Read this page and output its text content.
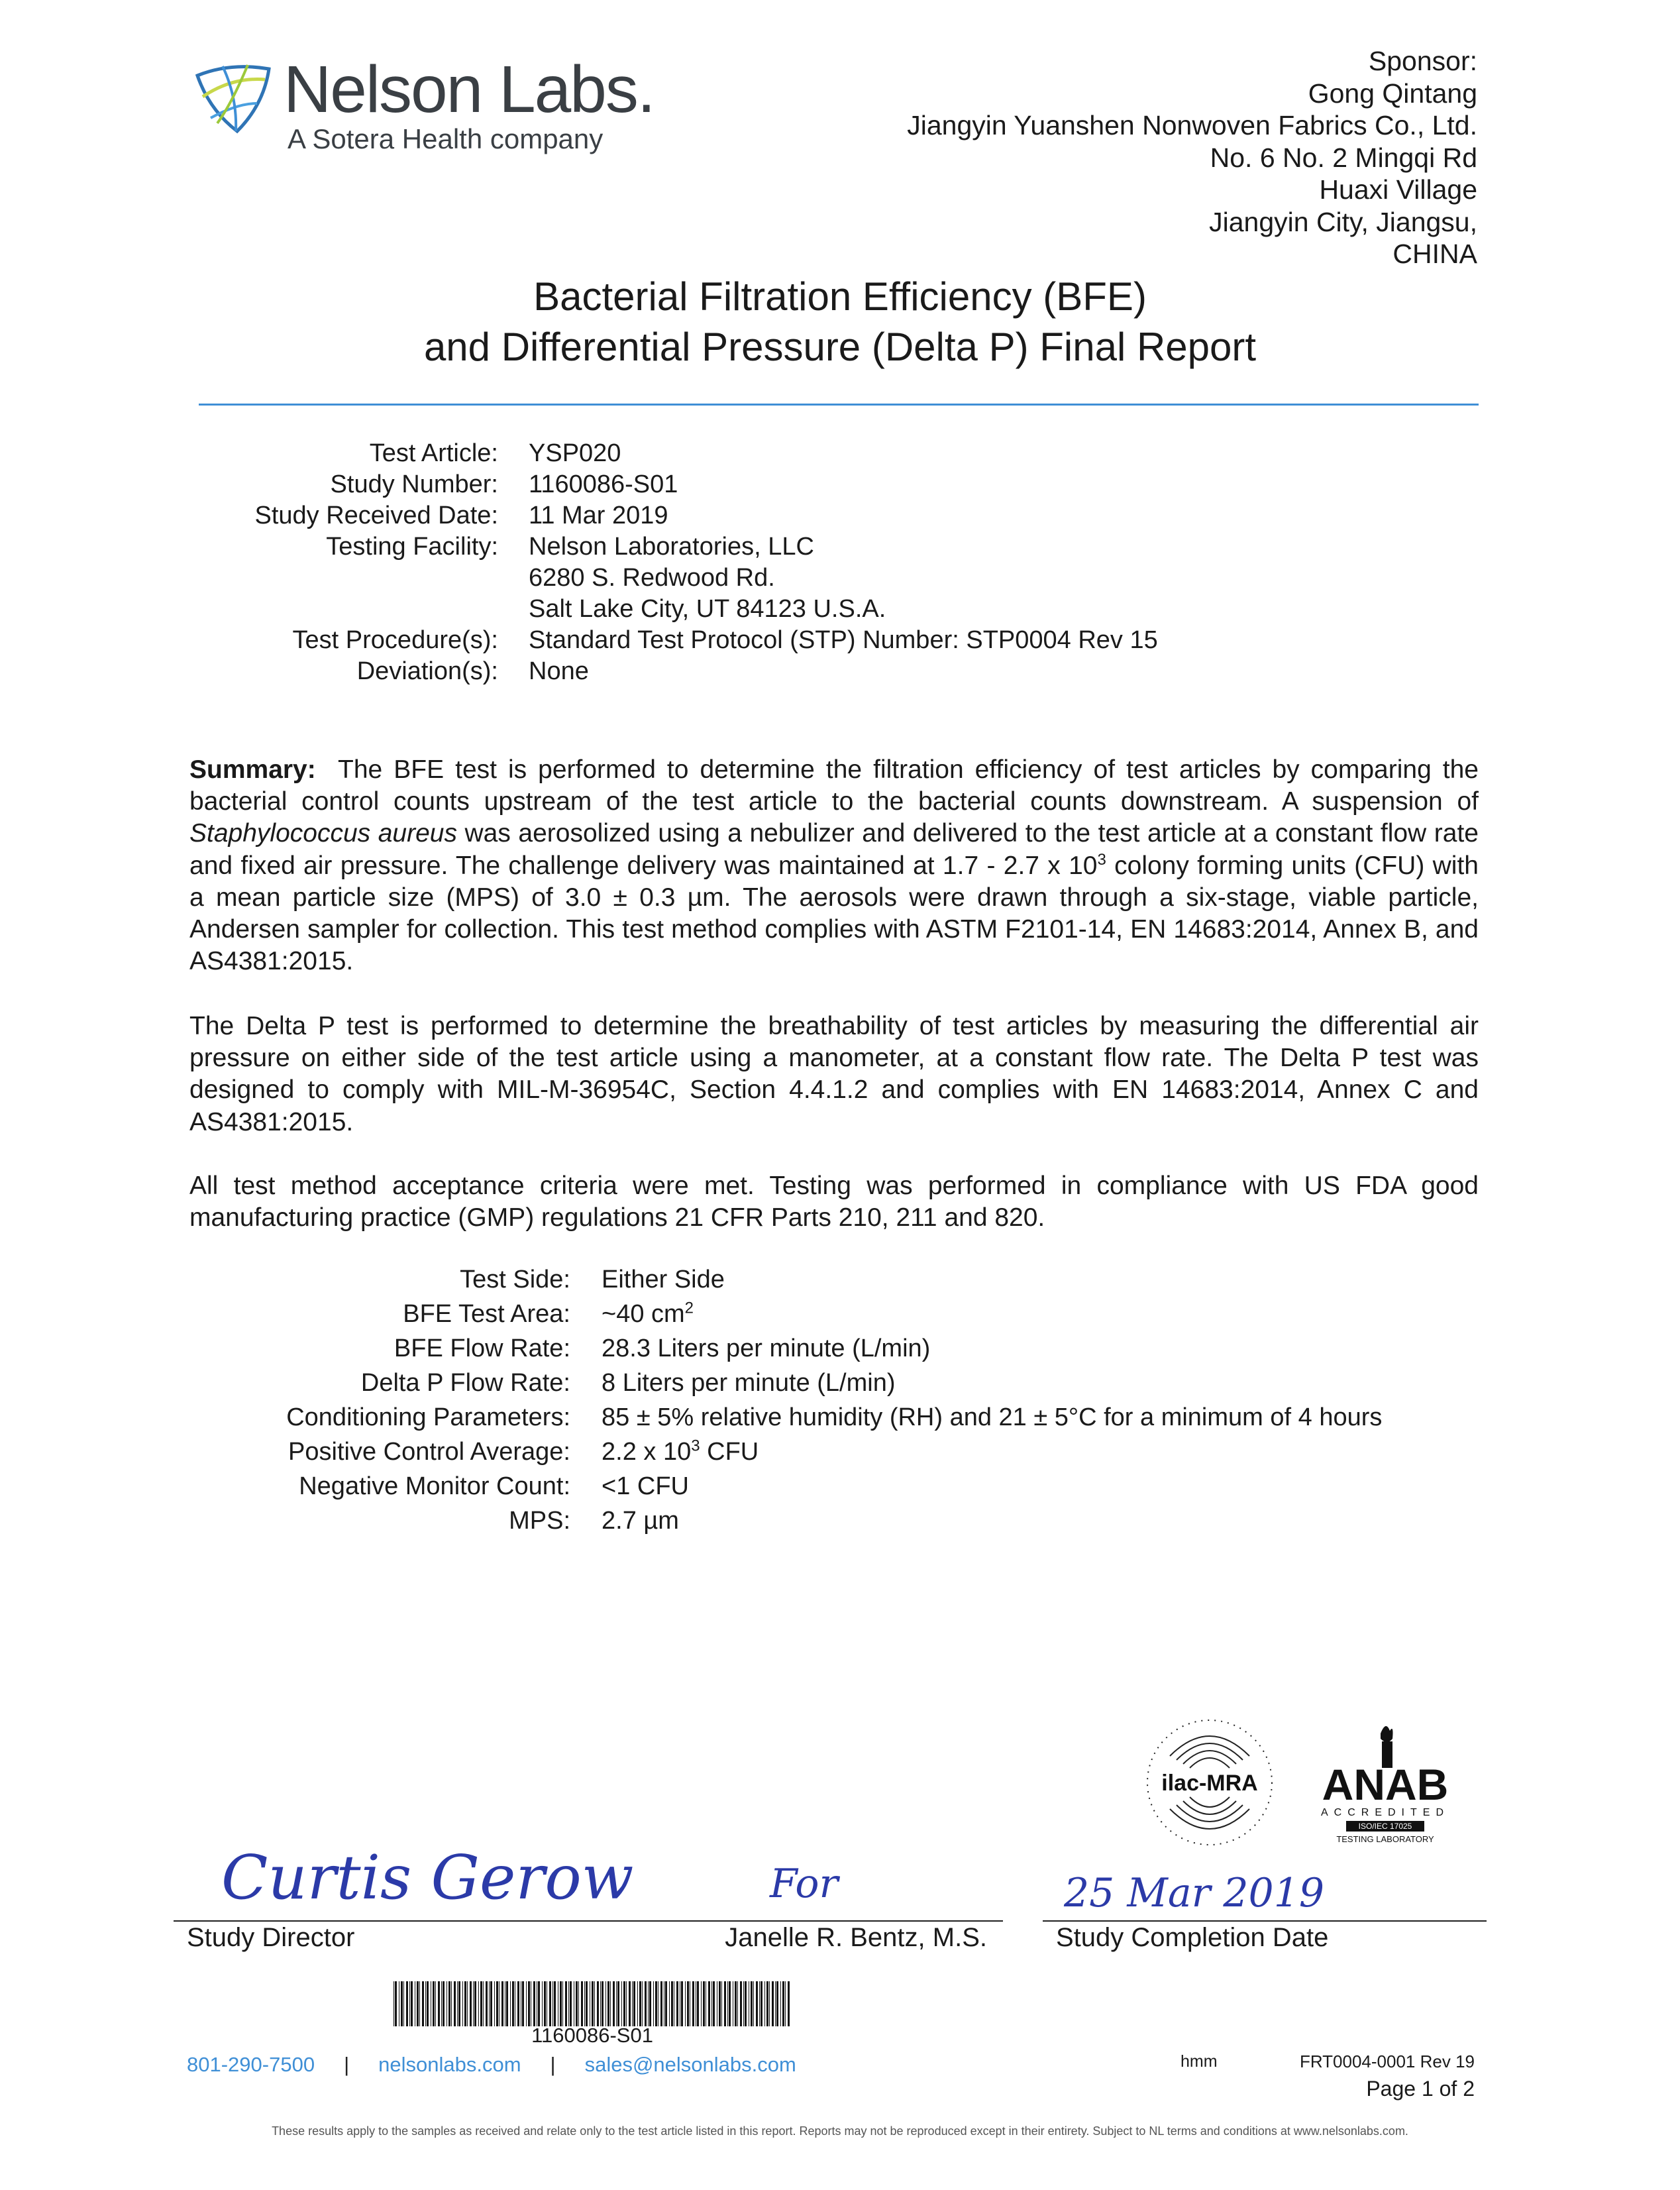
Nelson Labs.
A Sotera Health company
Sponsor:
Gong Qintang
Jiangyin Yuanshen Nonwoven Fabrics Co., Ltd.
No. 6 No. 2 Mingqi Rd
Huaxi Village
Jiangyin City, Jiangsu,
CHINA
Bacterial Filtration Efficiency (BFE)
and Differential Pressure (Delta P) Final Report
Test Article: YSP020
Study Number: 1160086-S01
Study Received Date: 11 Mar 2019
Testing Facility: Nelson Laboratories, LLC
6280 S. Redwood Rd.
Salt Lake City, UT 84123 U.S.A.
Test Procedure(s): Standard Test Protocol (STP) Number: STP0004 Rev 15
Deviation(s): None
Summary: The BFE test is performed to determine the filtration efficiency of test articles by comparing the bacterial control counts upstream of the test article to the bacterial counts downstream. A suspension of Staphylococcus aureus was aerosolized using a nebulizer and delivered to the test article at a constant flow rate and fixed air pressure. The challenge delivery was maintained at 1.7 - 2.7 x $10^3$ colony forming units (CFU) with a mean particle size (MPS) of 3.0 ± 0.3 µm. The aerosols were drawn through a six-stage, viable particle, Andersen sampler for collection. This test method complies with ASTM F2101-14, EN 14683:2014, Annex B, and AS4381:2015.
The Delta P test is performed to determine the breathability of test articles by measuring the differential air pressure on either side of the test article using a manometer, at a constant flow rate. The Delta P test was designed to comply with MIL-M-36954C, Section 4.4.1.2 and complies with EN 14683:2014, Annex C and AS4381:2015.
All test method acceptance criteria were met. Testing was performed in compliance with US FDA good manufacturing practice (GMP) regulations 21 CFR Parts 210, 211 and 820.
Test Side: Either Side
BFE Test Area: ~40 $cm^2$
BFE Flow Rate: 28.3 Liters per minute (L/min)
Delta P Flow Rate: 8 Liters per minute (L/min)
Conditioning Parameters: 85 ± 5% relative humidity (RH) and 21 ± 5°C for a minimum of 4 hours
Positive Control Average: 2.2 x $10^3$ CFU
Negative Monitor Count: <1 CFU
MPS: 2.7 µm
ilac-MRA ANAB
ACCREDITED
ISO/IEC 17025
TESTING LABORATORY
Curtis Gerow	For
Study Director	Janelle R. Bentz, M.S.
25 Mar 2019
Study Completion Date
1160086-S01
801-290-7500 | nelsonlabs.com | sales@nelsonlabs.com	hmm	FRT0004-0001 Rev 19
Page 1 of 2
These results apply to the samples as received and relate only to the test article listed in this report. Reports may not be reproduced except in their entirety. Subject to NL terms and conditions at www.nelsonlabs.com.
